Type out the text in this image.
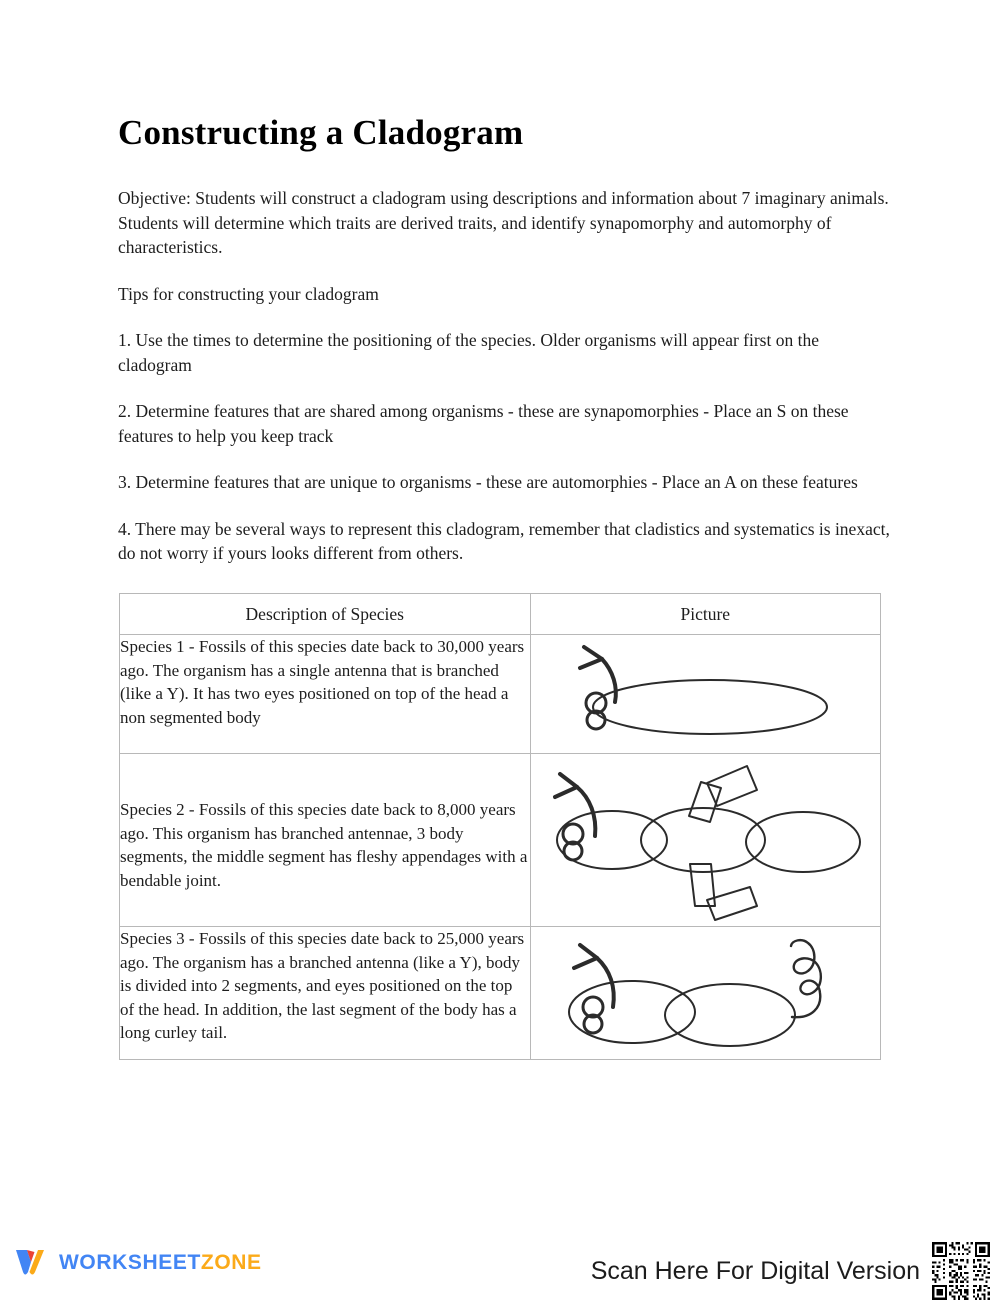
Constructing a Cladogram

Objective: Students will construct a cladogram using descriptions and information about 7 imaginary animals. Students will determine which traits are derived traits, and identify synapomorphy and automorphy of characteristics.

Tips for constructing your cladogram

1. Use the times to determine the positioning of the species. Older organisms will appear first on the cladogram

2. Determine features that are shared among organisms - these are synapomorphies - Place an S on these features to help you keep track

3. Determine features that are unique to organisms - these are automorphies - Place an A on these features

4. There may be several ways to represent this cladogram, remember that cladistics and systematics is inexact, do not worry if yours looks different from others.

Description of Species	Picture
Species 1 - Fossils of this species date back to 30,000 years ago. The organism has a single antenna that is branched (like a Y). It has two eyes positioned on top of the head a non segmented body	

Species 2 - Fossils of this species date back to 8,000 years ago. This organism has branched antennae, 3 body segments, the middle segment has fleshy appendages with a bendable joint.	

Species 3 - Fossils of this species date back to 25,000 years ago. The organism has a branched antenna (like a Y), body is divided into 2 segments, and eyes positioned on the top of the head. In addition, the last segment of the body has a long curley tail.	
WORKSHEETZONE	Scan Here For Digital Version
